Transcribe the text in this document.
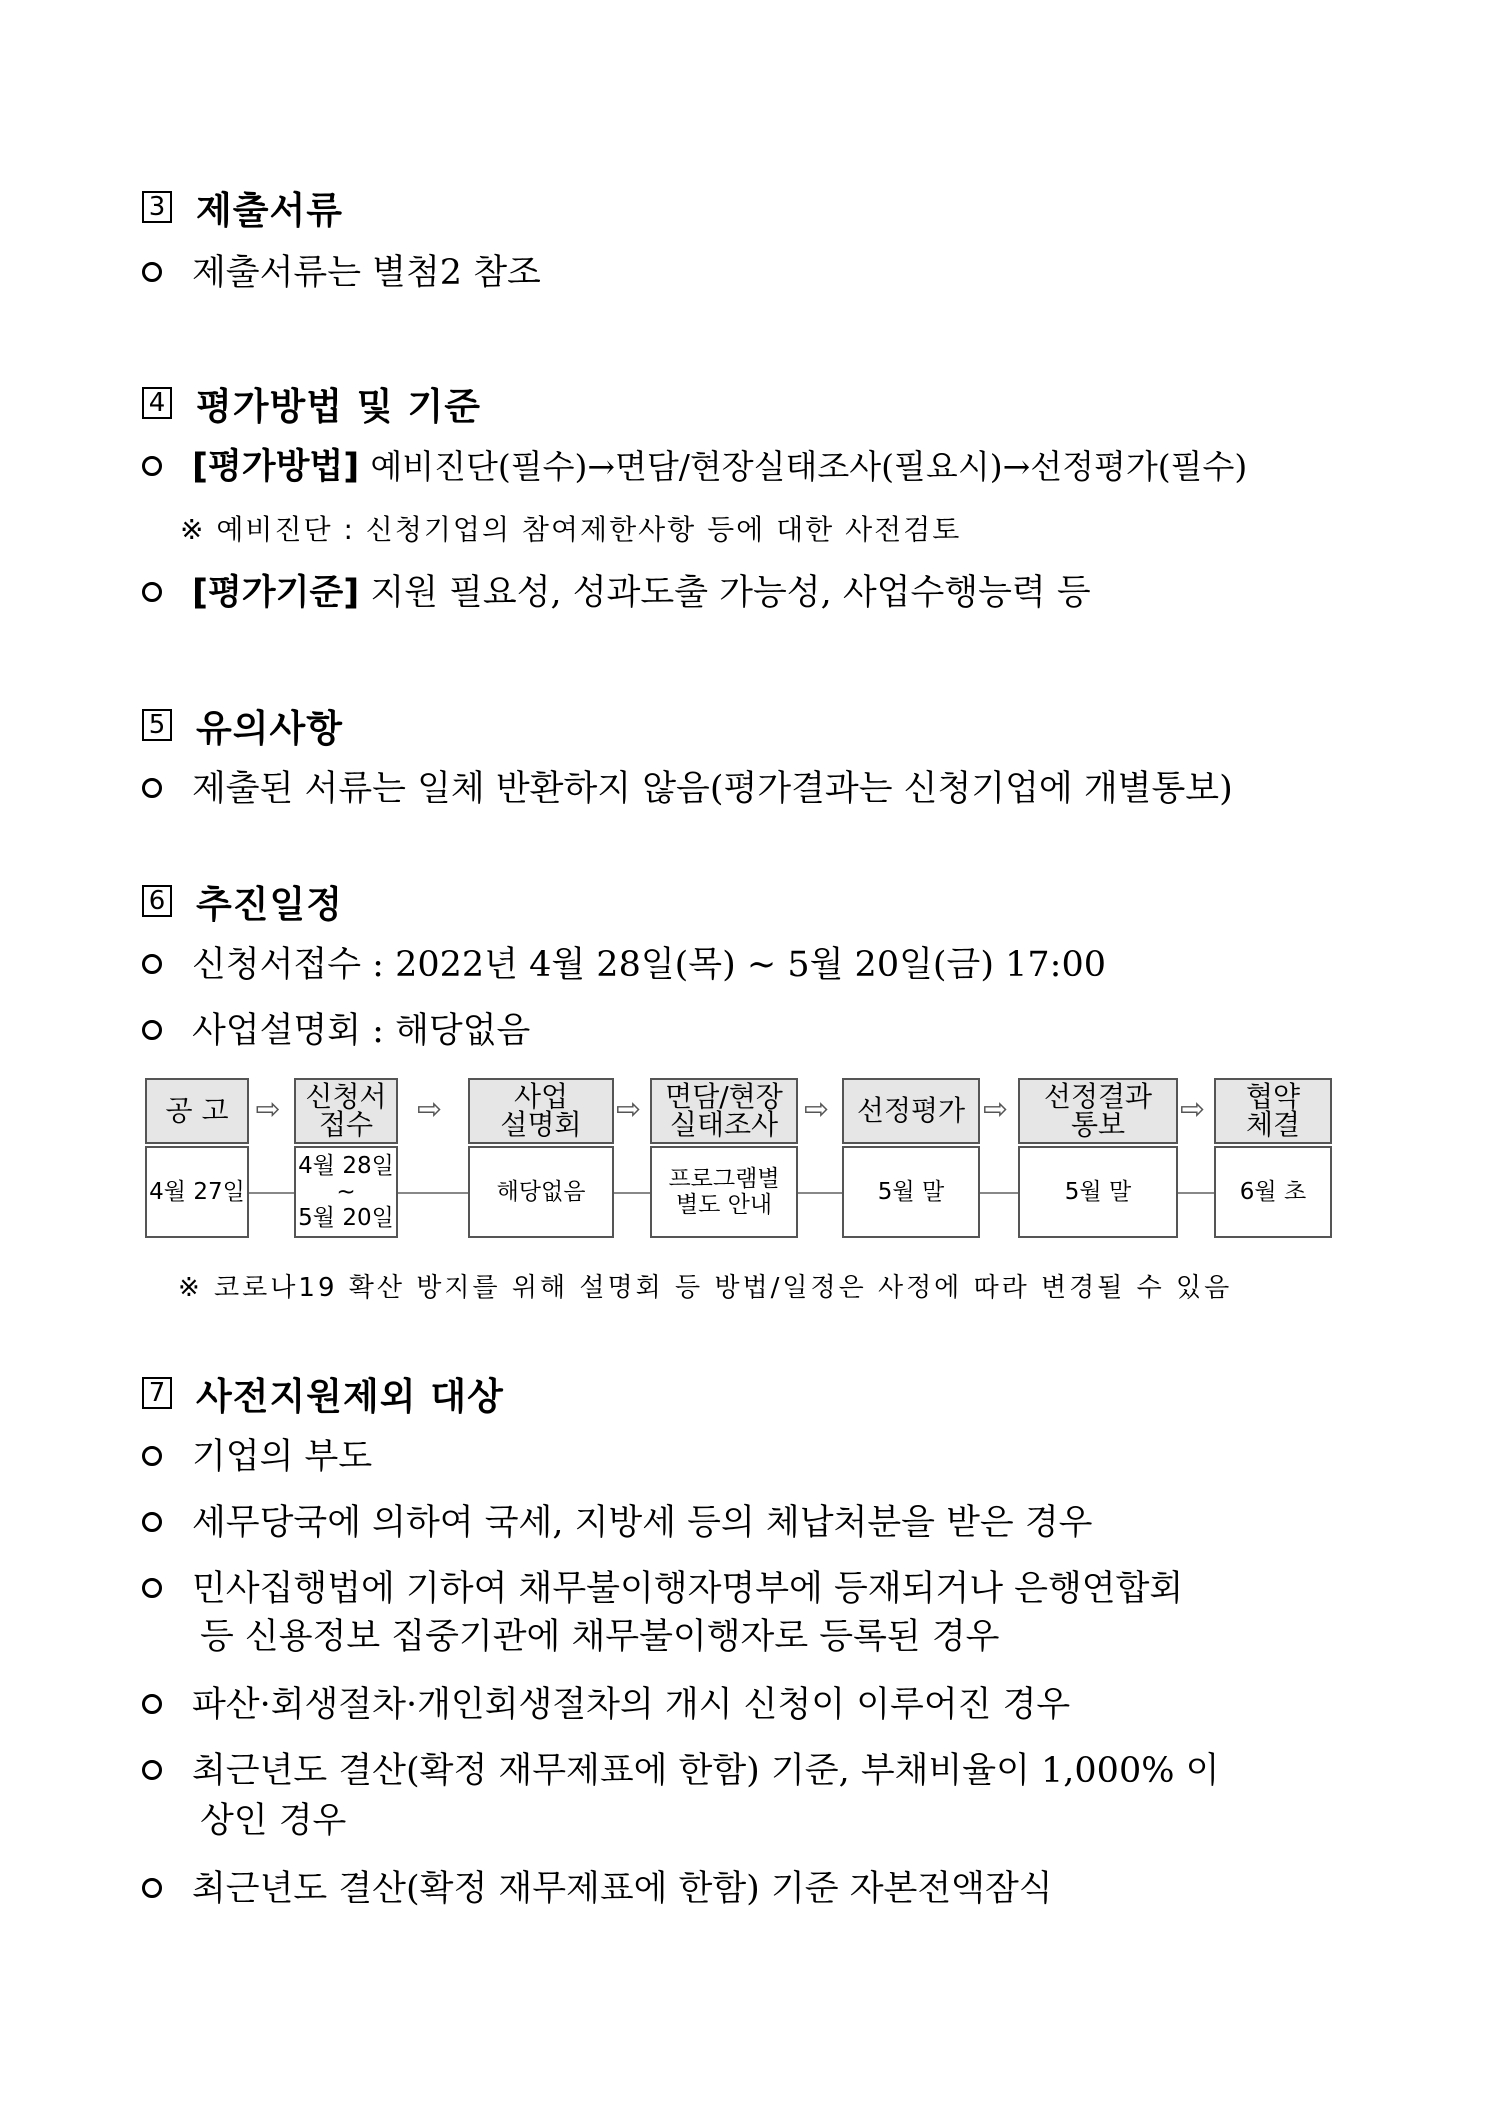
3 제출서류
제출서류는 별첨2 참조
4 평가방법 및 기준
[평가방법] 예비진단(필수)→면담/현장실태조사(필요시)→선정평가(필수)
※ 예비진단 : 신청기업의 참여제한사항 등에 대한 사전검토
[평가기준] 지원 필요성, 성과도출 가능성, 사업수행능력 등
5 유의사항
제출된 서류는 일체 반환하지 않음(평가결과는 신청기업에 개별통보)
6 추진일정
신청서접수 : 2022년 4월 28일(목) ~ 5월 20일(금) 17:00
사업설명회 : 해당없음
공 고
4월 27일
⇨ 신청서
접수
4월 28일
~
5월 20일
⇨	사업
설명회
해당없음
⇨ 면담/현장
실태조사
프로그램별
별도 안내
⇨ 선정평가
5월 말
⇨ 선정결과
통보
5월 말
⇨ 협약
체결
6월 초
※ 코로나19 확산 방지를 위해 설명회 등 방법/일정은 사정에 따라 변경될 수 있음
7 사전지원제외 대상
기업의 부도
세무당국에 의하여 국세, 지방세 등의 체납처분을 받은 경우
민사집행법에 기하여 채무불이행자명부에 등재되거나 은행연합회
등 신용정보 집중기관에 채무불이행자로 등록된 경우
파산·회생절차·개인회생절차의 개시 신청이 이루어진 경우
최근년도 결산(확정 재무제표에 한함) 기준, 부채비율이 1,000% 이
상인 경우
최근년도 결산(확정 재무제표에 한함) 기준 자본전액잠식
